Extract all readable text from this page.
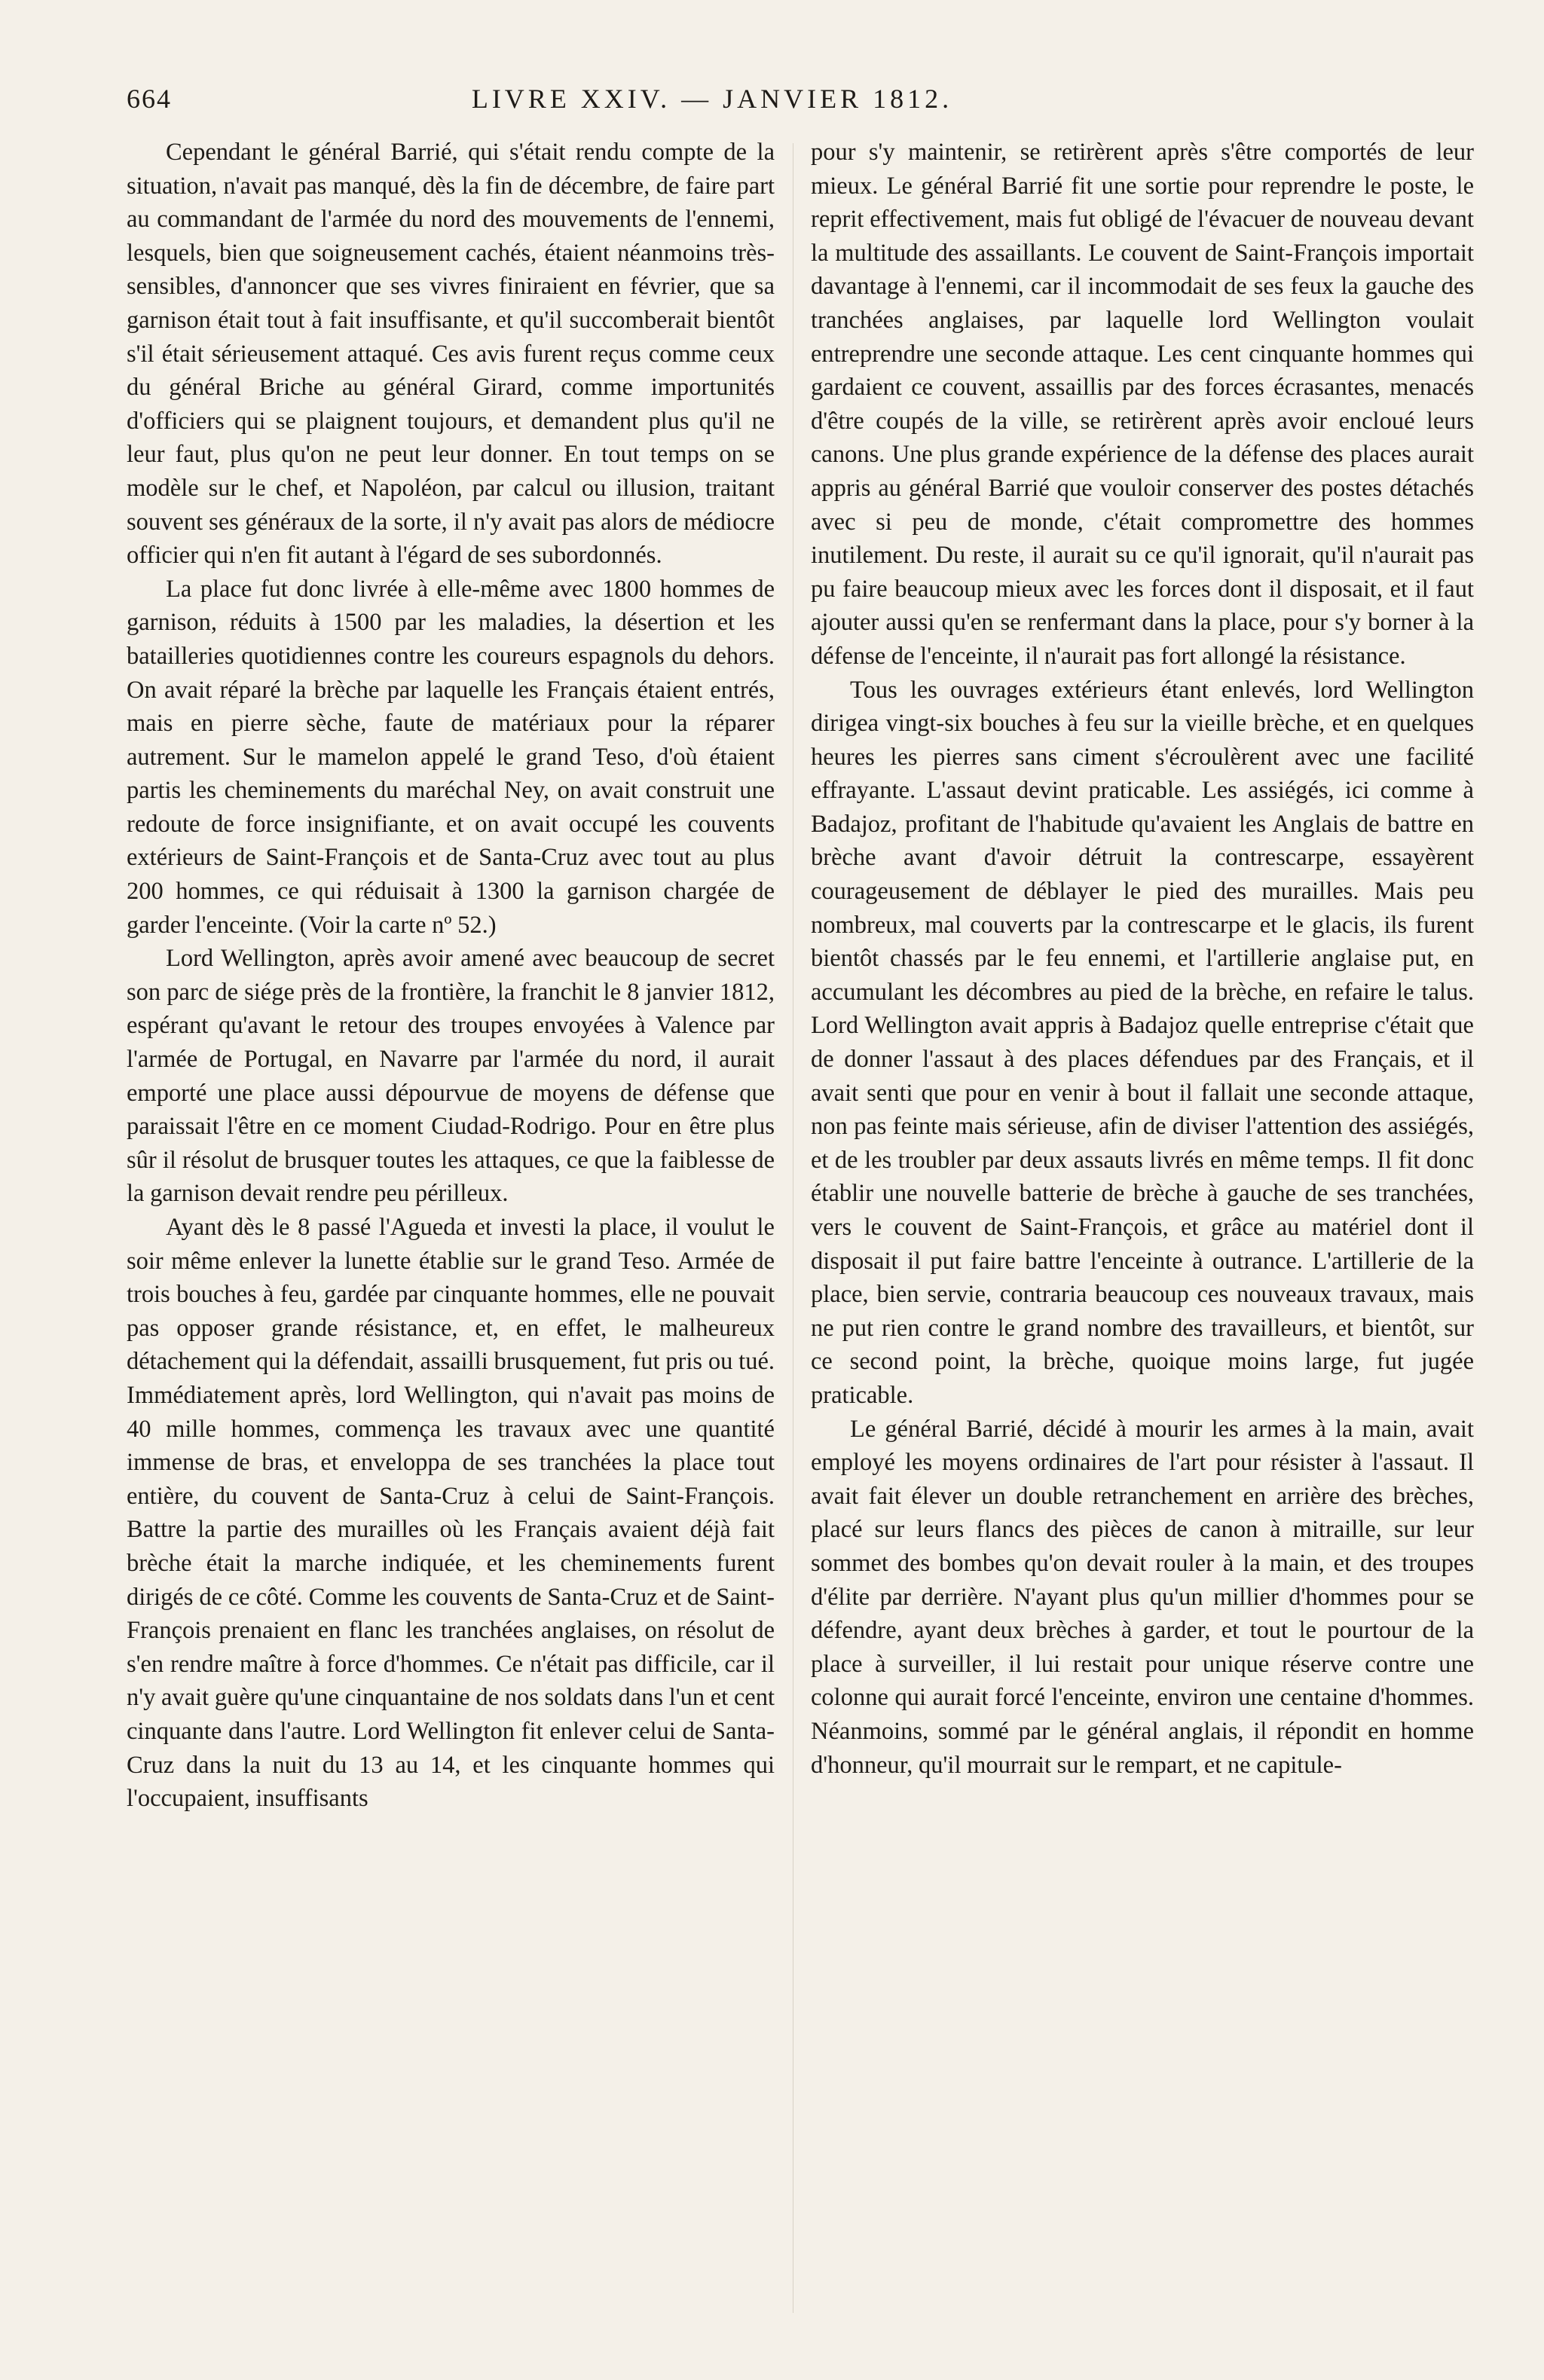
664	LIVRE XXIV. — JANVIER 1812.

Cependant le général Barrié, qui s'était rendu compte de la situation, n'avait pas manqué, dès la fin de décembre, de faire part au commandant de l'armée du nord des mouvements de l'ennemi, lesquels, bien que soigneusement cachés, étaient néanmoins très-sensibles, d'annoncer que ses vivres finiraient en février, que sa garnison était tout à fait insuffisante, et qu'il succomberait bientôt s'il était sérieusement attaqué. Ces avis furent reçus comme ceux du général Briche au général Girard, comme importunités d'officiers qui se plaignent toujours, et demandent plus qu'il ne leur faut, plus qu'on ne peut leur donner. En tout temps on se modèle sur le chef, et Napoléon, par calcul ou illusion, traitant souvent ses généraux de la sorte, il n'y avait pas alors de médiocre officier qui n'en fit autant à l'égard de ses subordonnés.

La place fut donc livrée à elle-même avec 1800 hommes de garnison, réduits à 1500 par les maladies, la désertion et les batailleries quotidiennes contre les coureurs espagnols du dehors. On avait réparé la brèche par laquelle les Français étaient entrés, mais en pierre sèche, faute de matériaux pour la réparer autrement. Sur le mamelon appelé le grand Teso, d'où étaient partis les cheminements du maréchal Ney, on avait construit une redoute de force insignifiante, et on avait occupé les couvents extérieurs de Saint-François et de Santa-Cruz avec tout au plus 200 hommes, ce qui réduisait à 1300 la garnison chargée de garder l'enceinte. (Voir la carte nº 52.)

Lord Wellington, après avoir amené avec beaucoup de secret son parc de siége près de la frontière, la franchit le 8 janvier 1812, espérant qu'avant le retour des troupes envoyées à Valence par l'armée de Portugal, en Navarre par l'armée du nord, il aurait emporté une place aussi dépourvue de moyens de défense que paraissait l'être en ce moment Ciudad-Rodrigo. Pour en être plus sûr il résolut de brusquer toutes les attaques, ce que la faiblesse de la garnison devait rendre peu périlleux.

Ayant dès le 8 passé l'Agueda et investi la place, il voulut le soir même enlever la lunette établie sur le grand Teso. Armée de trois bouches à feu, gardée par cinquante hommes, elle ne pouvait pas opposer grande résistance, et, en effet, le malheureux détachement qui la défendait, assailli brusquement, fut pris ou tué. Immédiatement après, lord Wellington, qui n'avait pas moins de 40 mille hommes, commença les travaux avec une quantité immense de bras, et enveloppa de ses tranchées la place tout entière, du couvent de Santa-Cruz à celui de Saint-François. Battre la partie des murailles où les Français avaient déjà fait brèche était la marche indiquée, et les cheminements furent dirigés de ce côté. Comme les couvents de Santa-Cruz et de Saint-François prenaient en flanc les tranchées anglaises, on résolut de s'en rendre maître à force d'hommes. Ce n'était pas difficile, car il n'y avait guère qu'une cinquantaine de nos soldats dans l'un et cent cinquante dans l'autre. Lord Wellington fit enlever celui de Santa-Cruz dans la nuit du 13 au 14, et les cinquante hommes qui l'occupaient, insuffisants

pour s'y maintenir, se retirèrent après s'être comportés de leur mieux. Le général Barrié fit une sortie pour reprendre le poste, le reprit effectivement, mais fut obligé de l'évacuer de nouveau devant la multitude des assaillants. Le couvent de Saint-François importait davantage à l'ennemi, car il incommodait de ses feux la gauche des tranchées anglaises, par laquelle lord Wellington voulait entreprendre une seconde attaque. Les cent cinquante hommes qui gardaient ce couvent, assaillis par des forces écrasantes, menacés d'être coupés de la ville, se retirèrent après avoir encloué leurs canons. Une plus grande expérience de la défense des places aurait appris au général Barrié que vouloir conserver des postes détachés avec si peu de monde, c'était compromettre des hommes inutilement. Du reste, il aurait su ce qu'il ignorait, qu'il n'aurait pas pu faire beaucoup mieux avec les forces dont il disposait, et il faut ajouter aussi qu'en se renfermant dans la place, pour s'y borner à la défense de l'enceinte, il n'aurait pas fort allongé la résistance.

Tous les ouvrages extérieurs étant enlevés, lord Wellington dirigea vingt-six bouches à feu sur la vieille brèche, et en quelques heures les pierres sans ciment s'écroulèrent avec une facilité effrayante. L'assaut devint praticable. Les assiégés, ici comme à Badajoz, profitant de l'habitude qu'avaient les Anglais de battre en brèche avant d'avoir détruit la contrescarpe, essayèrent courageusement de déblayer le pied des murailles. Mais peu nombreux, mal couverts par la contrescarpe et le glacis, ils furent bientôt chassés par le feu ennemi, et l'artillerie anglaise put, en accumulant les décombres au pied de la brèche, en refaire le talus. Lord Wellington avait appris à Badajoz quelle entreprise c'était que de donner l'assaut à des places défendues par des Français, et il avait senti que pour en venir à bout il fallait une seconde attaque, non pas feinte mais sérieuse, afin de diviser l'attention des assiégés, et de les troubler par deux assauts livrés en même temps. Il fit donc établir une nouvelle batterie de brèche à gauche de ses tranchées, vers le couvent de Saint-François, et grâce au matériel dont il disposait il put faire battre l'enceinte à outrance. L'artillerie de la place, bien servie, contraria beaucoup ces nouveaux travaux, mais ne put rien contre le grand nombre des travailleurs, et bientôt, sur ce second point, la brèche, quoique moins large, fut jugée praticable.

Le général Barrié, décidé à mourir les armes à la main, avait employé les moyens ordinaires de l'art pour résister à l'assaut. Il avait fait élever un double retranchement en arrière des brèches, placé sur leurs flancs des pièces de canon à mitraille, sur leur sommet des bombes qu'on devait rouler à la main, et des troupes d'élite par derrière. N'ayant plus qu'un millier d'hommes pour se défendre, ayant deux brèches à garder, et tout le pourtour de la place à surveiller, il lui restait pour unique réserve contre une colonne qui aurait forcé l'enceinte, environ une centaine d'hommes. Néanmoins, sommé par le général anglais, il répondit en homme d'honneur, qu'il mourrait sur le rempart, et ne capitule-
